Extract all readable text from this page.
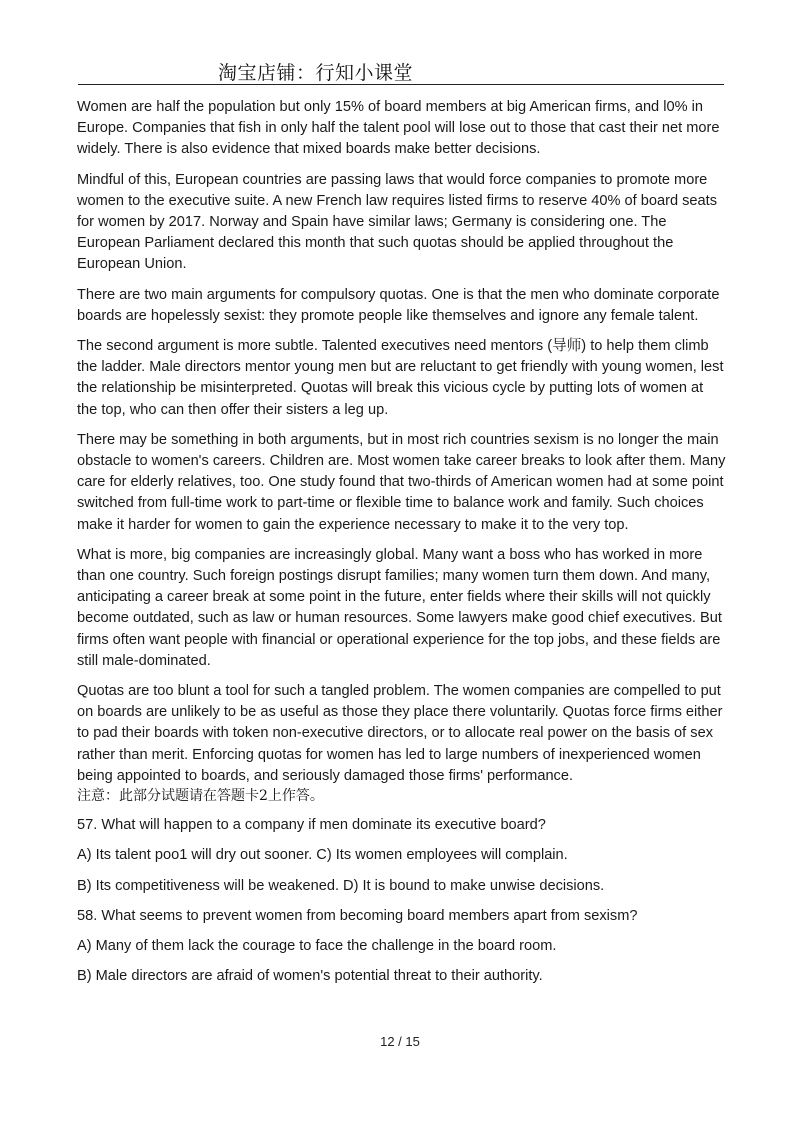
淘宝店铺：行知小课堂

Women are half the population but only 15% of board members at big American firms, and l0% in Europe. Companies that fish in only half the talent pool will lose out to those that cast their net more widely. There is also evidence that mixed boards make better decisions.

Mindful of this, European countries are passing laws that would force companies to promote more women to the executive suite. A new French law requires listed firms to reserve 40% of board seats for women by 2017. Norway and Spain have similar laws; Germany is considering one. The European Parliament declared this month that such quotas should be applied throughout the European Union.

There are two main arguments for compulsory quotas. One is that the men who dominate corporate boards are hopelessly sexist: they promote people like themselves and ignore any female talent.

The second argument is more subtle. Talented executives need mentors (导师) to help them climb the ladder. Male directors mentor young men but are reluctant to get friendly with young women, lest the relationship be misinterpreted. Quotas will break this vicious cycle by putting lots of women at the top, who can then offer their sisters a leg up.

There may be something in both arguments, but in most rich countries sexism is no longer the main obstacle to women's careers. Children are. Most women take career breaks to look after them. Many care for elderly relatives, too. One study found that two-thirds of American women had at some point switched from full-time work to part-time or flexible time to balance work and family. Such choices make it harder for women to gain the experience necessary to make it to the very top.

What is more, big companies are increasingly global. Many want a boss who has worked in more than one country. Such foreign postings disrupt families; many women turn them down. And many, anticipating a career break at some point in the future, enter fields where their skills will not quickly become outdated, such as law or human resources. Some lawyers make good chief executives. But firms often want people with financial or operational experience for the top jobs, and these fields are still male-dominated.

Quotas are too blunt a tool for such a tangled problem. The women companies are compelled to put on boards are unlikely to be as useful as those they place there voluntarily. Quotas force firms either to pad their boards with token non-executive directors, or to allocate real power on the basis of sex rather than merit. Enforcing quotas for women has led to large numbers of inexperienced women being appointed to boards, and seriously damaged those firms' performance.

注意：此部分试题请在答题卡2上作答。

57. What will happen to a company if men dominate its executive board?

A) Its talent poo1 will dry out sooner. C) Its women employees will complain.

B) Its competitiveness will be weakened. D) It is bound to make unwise decisions.

58. What seems to prevent women from becoming board members apart from sexism?

A) Many of them lack the courage to face the challenge in the board room.

B) Male directors are afraid of women's potential threat to their authority.

12 / 15
